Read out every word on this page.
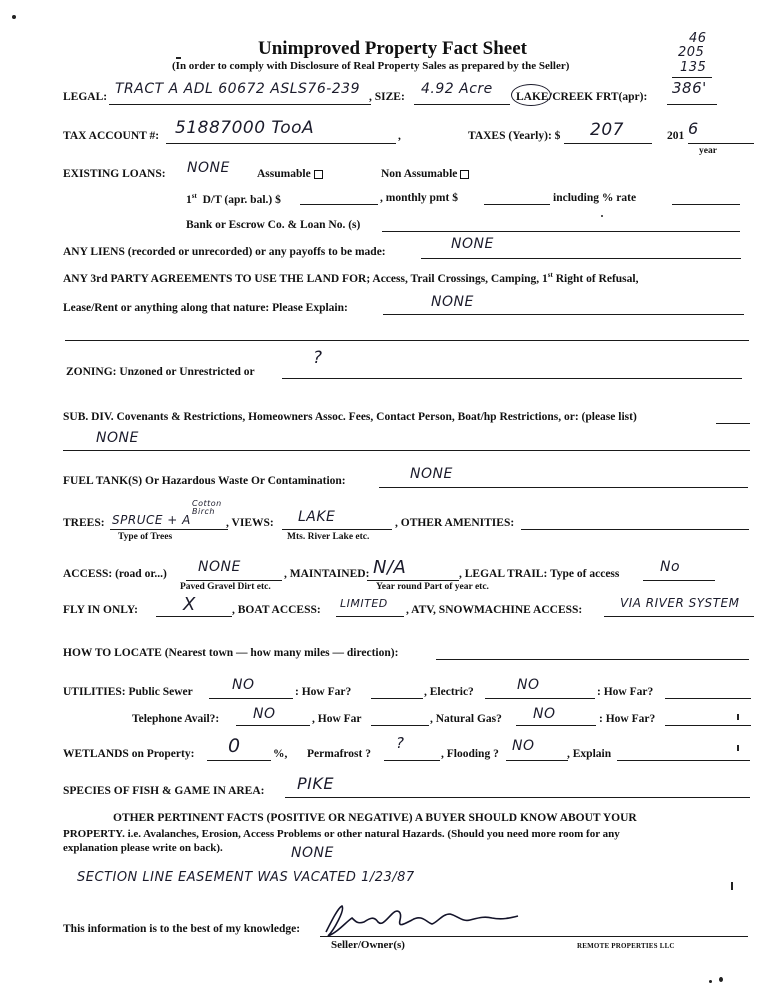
Unimproved Property Fact Sheet
(In order to comply with Disclosure of Real Property Sales as prepared by the Seller)
46
205
135
LEGAL: TRACT A ADL 60672 ASLS76-239 , SIZE: 4.92 Acre LAKE /CREEK FRT(apr): 386'
TAX ACCOUNT #: 51887000 TooA	,	TAXES (Yearly): $ 207	201 6
year
EXISTING LOANS: NONE Assumable	Non Assumable
1st D/T (apr. bal.) $	, monthly pmt $	including % rate
Bank or Escrow Co. & Loan No. (s)
ANY LIENS (recorded or unrecorded) or any payoffs to be made:	NONE
ANY 3rd PARTY AGREEMENTS TO USE THE LAND FOR; Access, Trail Crossings, Camping, 1st Right of Refusal,
Lease/Rent or anything along that nature: Please Explain:	NONE
ZONING: Unzoned or Unrestricted or
?
SUB. DIV. Covenants & Restrictions, Homeowners Assoc. Fees, Contact Person, Boat/hp Restrictions, or: (please list)
NONE
FUEL TANK(S) Or Hazardous Waste Or Contamination:	NONE
TREES: SPRUCE + A
Cotton Birch
Type of Trees
, VIEWS: LAKE
Mts. River Lake etc.
, OTHER AMENITIES:
ACCESS: (road or...) NONE
Paved Gravel Dirt etc.
, MAINTAINED: N/A
Year round Part of year etc.
, LEGAL TRAIL: Type of access	No
FLY IN ONLY:	X	, BOAT ACCESS: LIMITED , ATV, SNOWMACHINE ACCESS:	VIA RIVER SYSTEM
HOW TO LOCATE (Nearest town — how many miles — direction):
UTILITIES: Public Sewer	NO	: How Far?	, Electric?	NO	: How Far?
Telephone Avail?: NO	, How Far	, Natural Gas? NO	: How Far?
WETLANDS on Property: 0	%, Permafrost ?
?
, Flooding ? NO	, Explain
SPECIES OF FISH & GAME IN AREA: PIKE
OTHER PERTINENT FACTS (POSITIVE OR NEGATIVE) A BUYER SHOULD KNOW ABOUT YOUR
PROPERTY. i.e. Avalanches, Erosion, Access Problems or other natural Hazards. (Should you need more room for any
explanation please write on back).	NONE
SECTION LINE EASEMENT WAS VACATED 1/23/87
This information is to the best of my knowledge:
Seller/Owner(s)	REMOTE PROPERTIES LLC
